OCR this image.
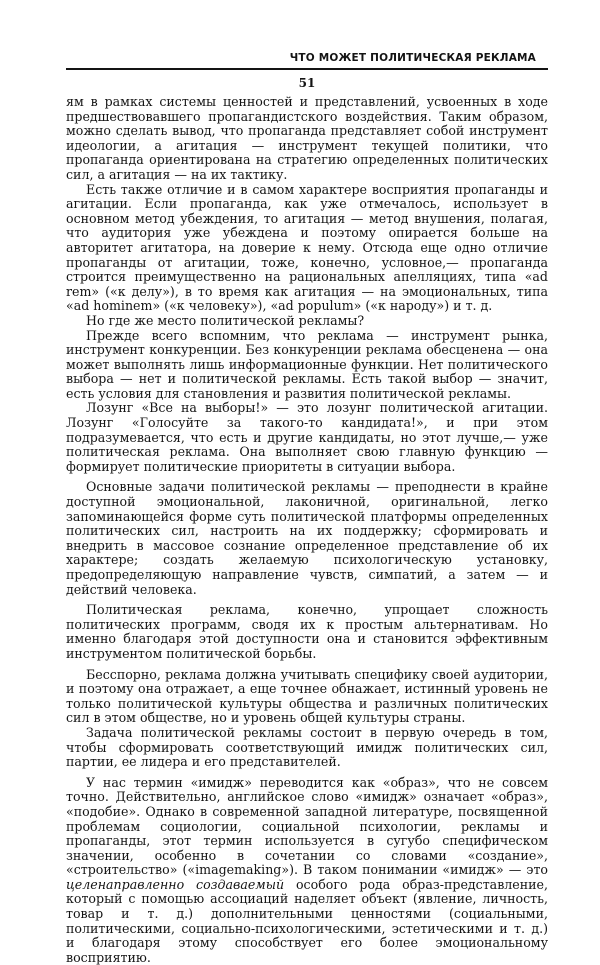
ЧТО МОЖЕТ ПОЛИТИЧЕСКАЯ РЕКЛАМА
51

ям в рамках системы ценностей и представлений, усвоенных в ходе предшествовавшего пропагандистского воздействия. Таким образом, можно сделать вывод, что пропаганда представляет собой инструмент идеологии, а агитация — инструмент текущей политики, что пропаганда ориентирована на стратегию определенных политических сил, а агитация — на их тактику.

Есть также отличие и в самом характере восприятия пропаганды и агитации. Если пропаганда, как уже отмечалось, использует в основном метод убеждения, то агитация — метод внушения, полагая, что аудитория уже убеждена и поэтому опирается больше на авторитет агитатора, на доверие к нему. Отсюда еще одно отличие пропаганды от агитации, тоже, конечно, условное,— пропаганда строится преимущественно на рациональных апелляциях, типа «ad rem» («к делу»), в то время как агитация — на эмоциональных, типа «ad hominem» («к человеку»), «ad populum» («к народу») и т. д.

Но где же место политической рекламы?

Прежде всего вспомним, что реклама — инструмент рынка, инструмент конкуренции. Без конкуренции реклама обесценена — она может выполнять лишь информационные функции. Нет политического выбора — нет и политической рекламы. Есть такой выбор — значит, есть условия для становления и развития политической рекламы.

Лозунг «Все на выборы!» — это лозунг политической агитации. Лозунг «Голосуйте за такого-то кандидата!», и при этом подразумевается, что есть и другие кандидаты, но этот лучше,— уже политическая реклама. Она выполняет свою главную функцию — формирует политические приоритеты в ситуации выбора.

Основные задачи политической рекламы — преподнести в крайне доступной эмоциональной, лаконичной, оригинальной, легко запоминающейся форме суть политической платформы определенных политических сил, настроить на их поддержку; сформировать и внедрить в массовое сознание определенное представление об их характере; создать желаемую психологическую установку, предопределяющую направление чувств, симпатий, а затем — и действий человека.

Политическая реклама, конечно, упрощает сложность политических программ, сводя их к простым альтернативам. Но именно благодаря этой доступности она и становится эффективным инструментом политической борьбы.

Бесспорно, реклама должна учитывать специфику своей аудитории, и поэтому она отражает, а еще точнее обнажает, истинный уровень не только политической культуры общества и различных политических сил в этом обществе, но и уровень общей культуры страны.

Задача политической рекламы состоит в первую очередь в том, чтобы сформировать соответствующий имидж политических сил, партии, ее лидера и его представителей.

У нас термин «имидж» переводится как «образ», что не совсем точно. Действительно, английское слово «имидж» означает «образ», «подобие». Однако в современной западной литературе, посвященной проблемам социологии, социальной психологии, рекламы и пропаганды, этот термин используется в сугубо специфическом значении, особенно в сочетании со словами «создание», «строительство» («imagemaking»). В таком понимании «имидж» — это целенаправленно создаваемый особого рода образ-представление, который с помощью ассоциаций наделяет объект (явление, личность, товар и т. д.) дополнительными ценностями (социальными, политическими, социально-психологическими, эстетическими и т. д.) и благодаря этому способствует его более эмоциональному восприятию.
